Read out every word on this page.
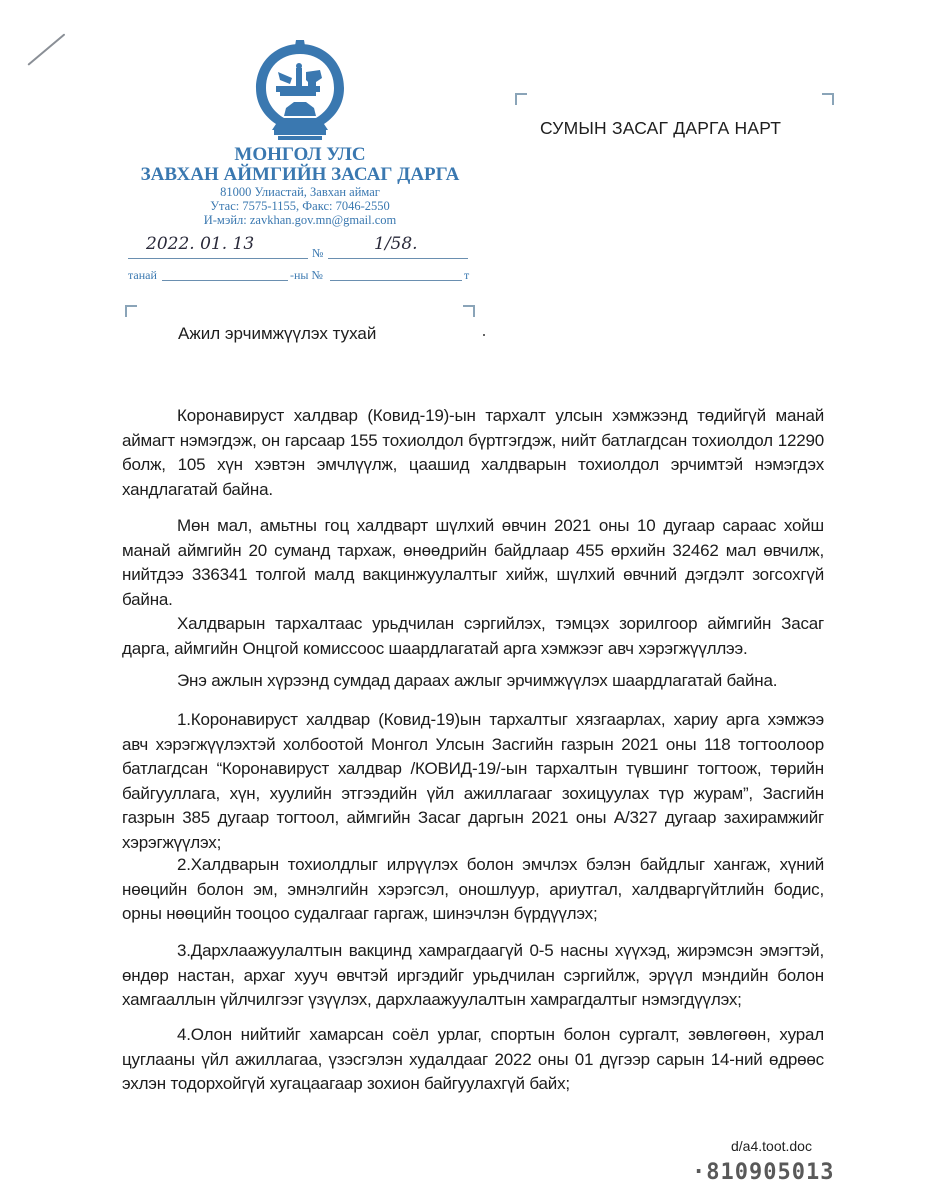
МОНГОЛ УЛС
ЗАВХАН АЙМГИЙН ЗАСАГ ДАРГА
81000 Улиастай, Завхан аймаг
Утас: 7575-1155, Факс: 7046-2550
И-мэйл: zavkhan.gov.mn@gmail.com
2022. 01. 13	№	1/58.
танай	-ны №	т
СУМЫН ЗАСАГ ДАРГА НАРТ
Ажил эрчимжүүлэх тухай

Коронавируст халдвар (Ковид-19)-ын тархалт улсын хэмжээнд төдийгүй манай аймагт нэмэгдэж, он гарсаар 155 тохиолдол бүртгэгдэж, нийт батлагдсан тохиолдол 12290 болж, 105 хүн хэвтэн эмчлүүлж, цаашид халдварын тохиолдол эрчимтэй нэмэгдэх хандлагатай байна.

Мөн мал, амьтны гоц халдварт шүлхий өвчин 2021 оны 10 дугаар сараас хойш манай аймгийн 20 суманд тархаж, өнөөдрийн байдлаар 455 өрхийн 32462 мал өвчилж, нийтдээ 336341 толгой малд вакцинжуулалтыг хийж, шүлхий өвчний дэгдэлт зогсохгүй байна.

Халдварын тархалтаас урьдчилан сэргийлэх, тэмцэх зорилгоор аймгийн Засаг дарга, аймгийн Онцгой комиссоос шаардлагатай арга хэмжээг авч хэрэгжүүллээ.

Энэ ажлын хүрээнд сумдад дараах ажлыг эрчимжүүлэх шаардлагатай байна.

1.Коронавируст халдвар (Ковид-19)ын тархалтыг хязгаарлах, хариу арга хэмжээ авч хэрэгжүүлэхтэй холбоотой Монгол Улсын Засгийн газрын 2021 оны 118 тогтоолоор батлагдсан “Коронавируст халдвар /КОВИД-19/-ын тархалтын түвшинг тогтоож, төрийн байгууллага, хүн, хуулийн этгээдийн үйл ажиллагааг зохицуулах түр журам”, Засгийн газрын 385 дугаар тогтоол, аймгийн Засаг даргын 2021 оны А/327 дугаар захирамжийг хэрэгжүүлэх;

2.Халдварын тохиолдлыг илрүүлэх болон эмчлэх бэлэн байдлыг хангаж, хүний нөөцийн болон эм, эмнэлгийн хэрэгсэл, оношлуур, ариутгал, халдваргүйтлийн бодис, орны нөөцийн тооцоо судалгааг гаргаж, шинэчлэн бүрдүүлэх;

3.Дархлаажуулалтын вакцинд хамрагдаагүй 0-5 насны хүүхэд, жирэмсэн эмэгтэй, өндөр настан, архаг хууч өвчтэй иргэдийг урьдчилан сэргийлж, эрүүл мэндийн болон хамгааллын үйлчилгээг үзүүлэх, дархлаажуулалтын хамрагдалтыг нэмэгдүүлэх;

4.Олон нийтийг хамарсан соёл урлаг, спортын болон сургалт, зөвлөгөөн, хурал цуглааны үйл ажиллагаа, үзэсгэлэн худалдааг 2022 оны 01 дүгээр сарын 14-ний өдрөөс эхлэн тодорхойгүй хугацаагаар зохион байгуулахгүй байх;

d/a4.toot.doc
·810905013
